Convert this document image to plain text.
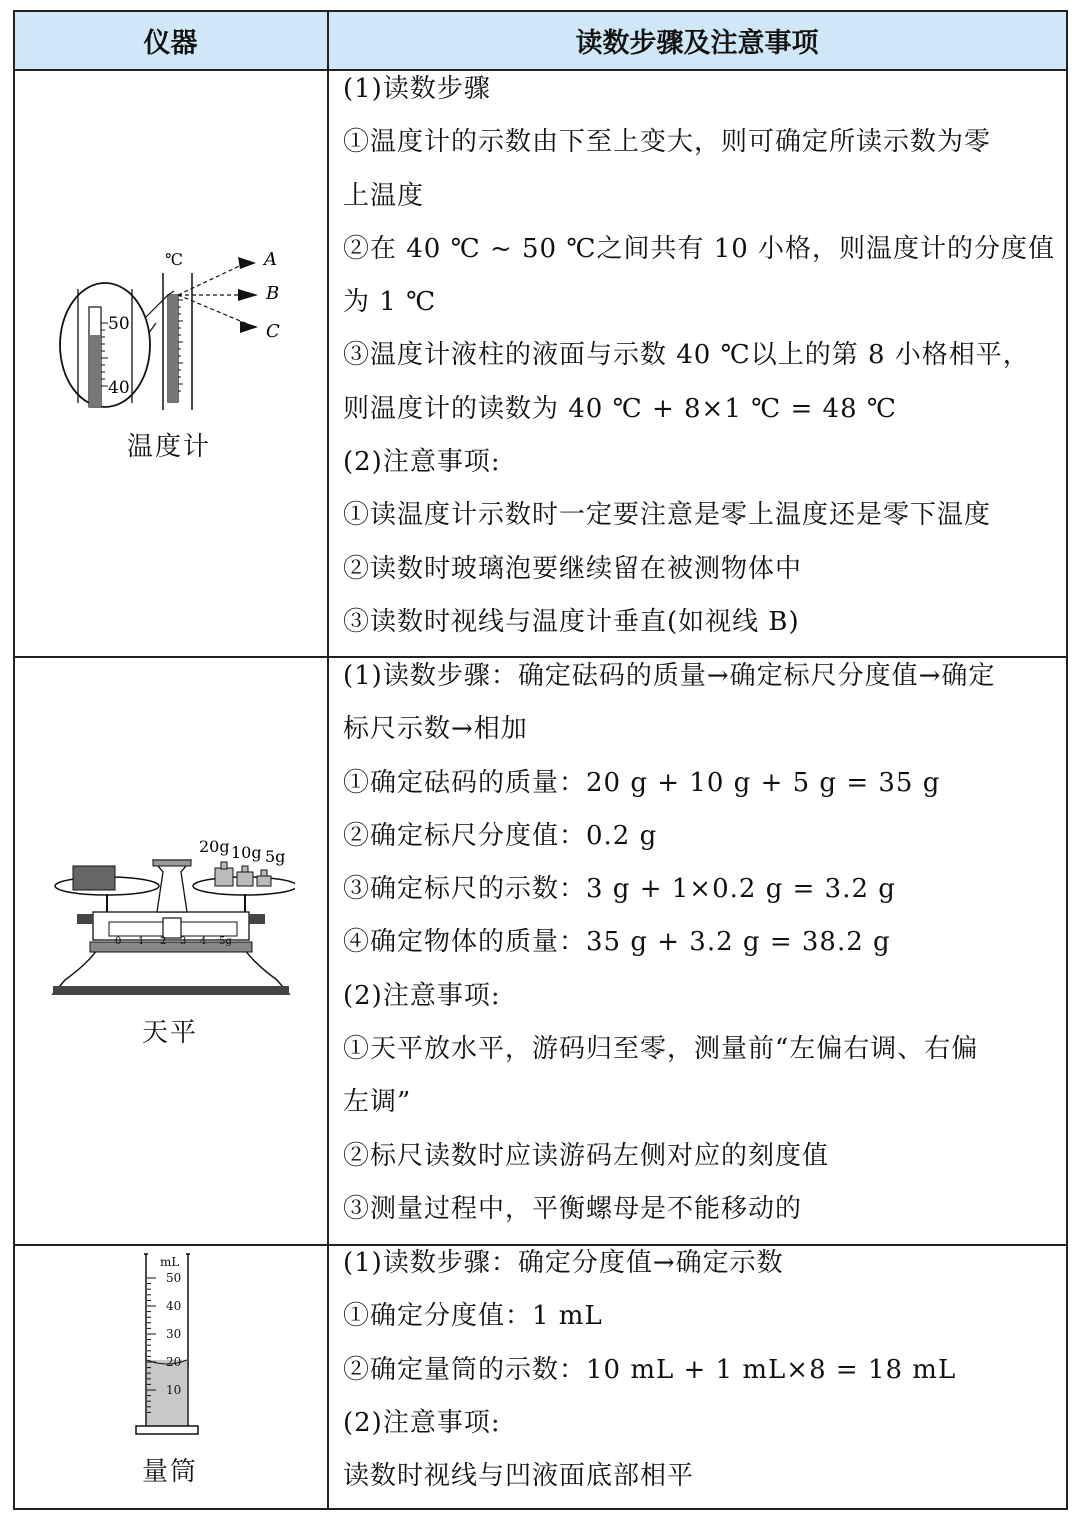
仪器	读数步骤及注意事项
℃	A
B
C
50
40
温度计
(1)读数步骤
①温度计的示数由下至上变大，则可确定所读示数为零
上温度
②在 40 ℃ ~ 50 ℃之间共有 10 小格，则温度计的分度值
为 1 ℃
③温度计液柱的液面与示数 40 ℃以上的第 8 小格相平，
则温度计的读数为 40 ℃ + 8×1 ℃ = 48 ℃
(2)注意事项:
①读温度计示数时一定要注意是零上温度还是零下温度
②读数时玻璃泡要继续留在被测物体中
③读数时视线与温度计垂直(如视线 B)
0 1 2 3 4 5g
20g 10g 5g
天平
(1)读数步骤：确定砝码的质量→确定标尺分度值→确定
标尺示数→相加
①确定砝码的质量：20 g + 10 g + 5 g = 35 g
②确定标尺分度值：0.2 g
③确定标尺的示数：3 g + 1×0.2 g = 3.2 g
④确定物体的质量：35 g + 3.2 g = 38.2 g
(2)注意事项:
①天平放水平，游码归至零，测量前“左偏右调、右偏
左调”
②标尺读数时应读游码左侧对应的刻度值
③测量过程中，平衡螺母是不能移动的
mL
50
40
30
20
10
量筒
(1)读数步骤：确定分度值→确定示数
①确定分度值：1 mL
②确定量筒的示数：10 mL + 1 mL×8 = 18 mL
(2)注意事项:
读数时视线与凹液面底部相平
